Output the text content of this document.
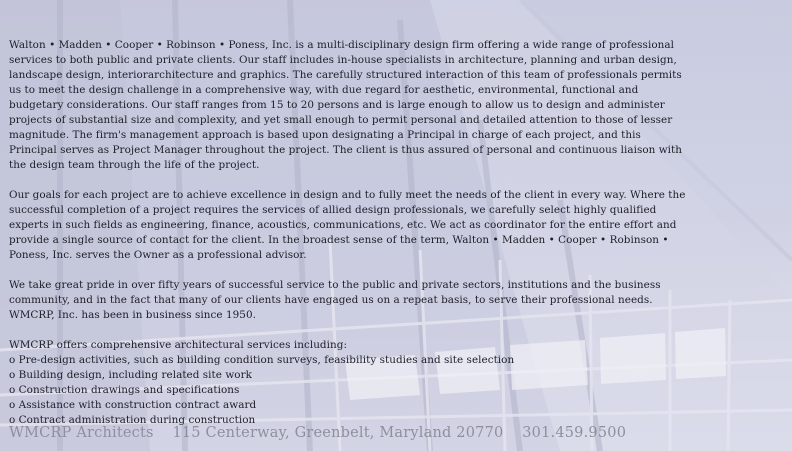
Walton • Madden • Cooper • Robinson • Poness, Inc. is a multi-disciplinary design firm offering a wide range of professional services to both public and private clients. Our staff includes in-house specialists in architecture, planning and urban design, landscape design, interiorarchitecture and graphics. The carefully structured interaction of this team of professionals permits us to meet the design challenge in a comprehensive way, with due regard for aesthetic, environmental, functional and budgetary considerations. Our staff ranges from 15 to 20 persons and is large enough to allow us to design and administer projects of substantial size and complexity, and yet small enough to permit personal and detailed attention to those of lesser magnitude. The firm's management approach is based upon designating a Principal in charge of each project, and this Principal serves as Project Manager throughout the project. The client is thus assured of personal and continuous liaison with the design team through the life of the project.

Our goals for each project are to achieve excellence in design and to fully meet the needs of the client in every way. Where the successful completion of a project requires the services of allied design professionals, we carefully select highly qualified experts in such fields as engineering, finance, acoustics, communications, etc. We act as coordinator for the entire effort and provide a single source of contact for the client. In the broadest sense of the term, Walton • Madden • Cooper • Robinson • Poness, Inc. serves the Owner as a professional advisor.

We take great pride in over fifty years of successful service to the public and private sectors, institutions and the business community, and in the fact that many of our clients have engaged us on a repeat basis, to serve their professional needs. WMCRP, Inc. has been in business since 1950.

WMCRP offers comprehensive architectural services including:
o Pre-design activities, such as building condition surveys, feasibility studies and site selection
o Building design, including related site work
o Construction drawings and specifications
o Assistance with construction contract award
o Contract administration during construction
WMCRP Architects 115 Centerway, Greenbelt, Maryland 20770 301.459.9500
